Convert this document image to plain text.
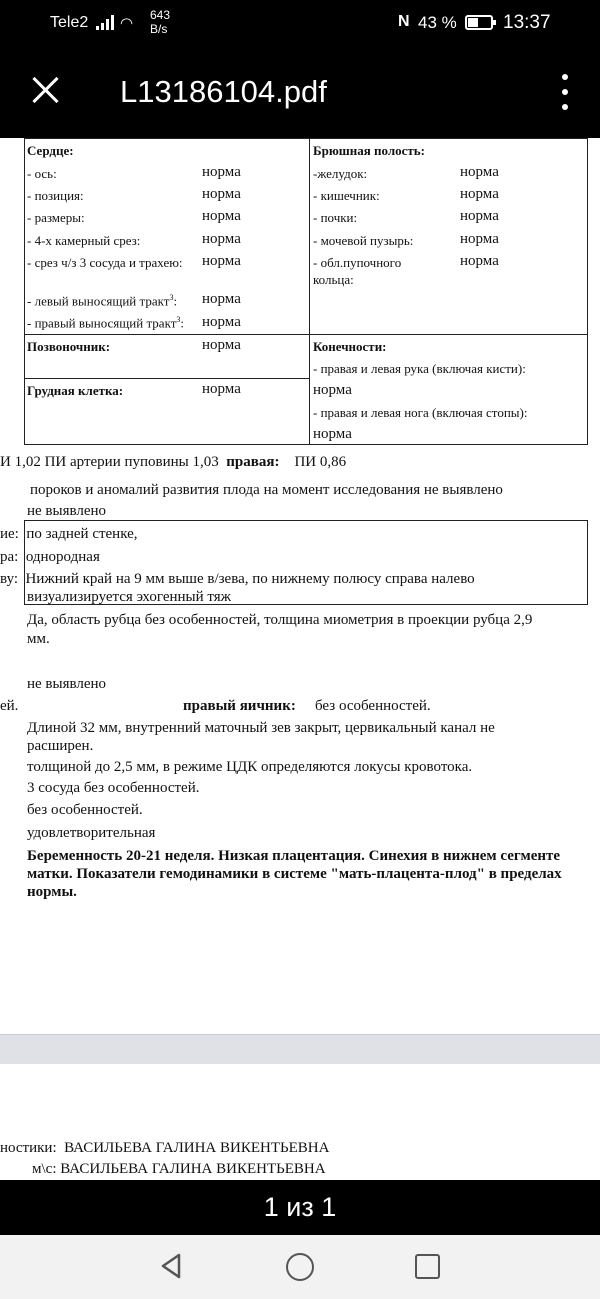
Tele2 ◠ 643
B/s	N 43 % 13:37
L13186104.pdf
Сердце:
- ось:	норма
- позиция:	норма
- размеры:	норма
- 4-х камерный срез:	норма
- срез ч/з 3 сосуда и трахею: норма
- левый выносящий тракт$^3$: норма
- правый выносящий тракт$^3$: норма
Брюшная полость:
-желудок:	норма
- кишечник:	норма
- почки:	норма
- мочевой пузырь:	норма
- обл.пупочного
кольца:
норма
Позвоночник:	норма
Грудная клетка:	норма
Конечности:
- правая и левая рука (включая кисти):
норма
- правая и левая нога (включая стопы):
норма
И 1,02 ПИ артерии пуповины 1,03 правая: ПИ 0,86
пороков и аномалий развития плода на момент исследования не выявлено
не выявлено
ие: по задней стенке,
ра: однородная
ву: Нижний край на 9 мм выше в/зева, по нижнему полюсу справа налево
визуализируется эхогенный тяж
Да, область рубца без особенностей, толщина миометрия в проекции рубца 2,9
мм.
не выявлено
ей.	правый яичник: без особенностей.
Длиной 32 мм, внутренний маточный зев закрыт, цервикальный канал не
расширен.
толщиной до 2,5 мм, в режиме ЦДК определяются локусы кровотока.
3 сосуда без особенностей.
без особенностей.
удовлетворительная
Беременность 20-21 неделя. Низкая плацентация. Синехия в нижнем сегменте
матки. Показатели гемодинамики в системе "мать-плацента-плод" в пределах
нормы.
ностики: ВАСИЛЬЕВА ГАЛИНА ВИКЕНТЬЕВНА
м\с: ВАСИЛЬЕВА ГАЛИНА ВИКЕНТЬЕВНА
1 из 1
